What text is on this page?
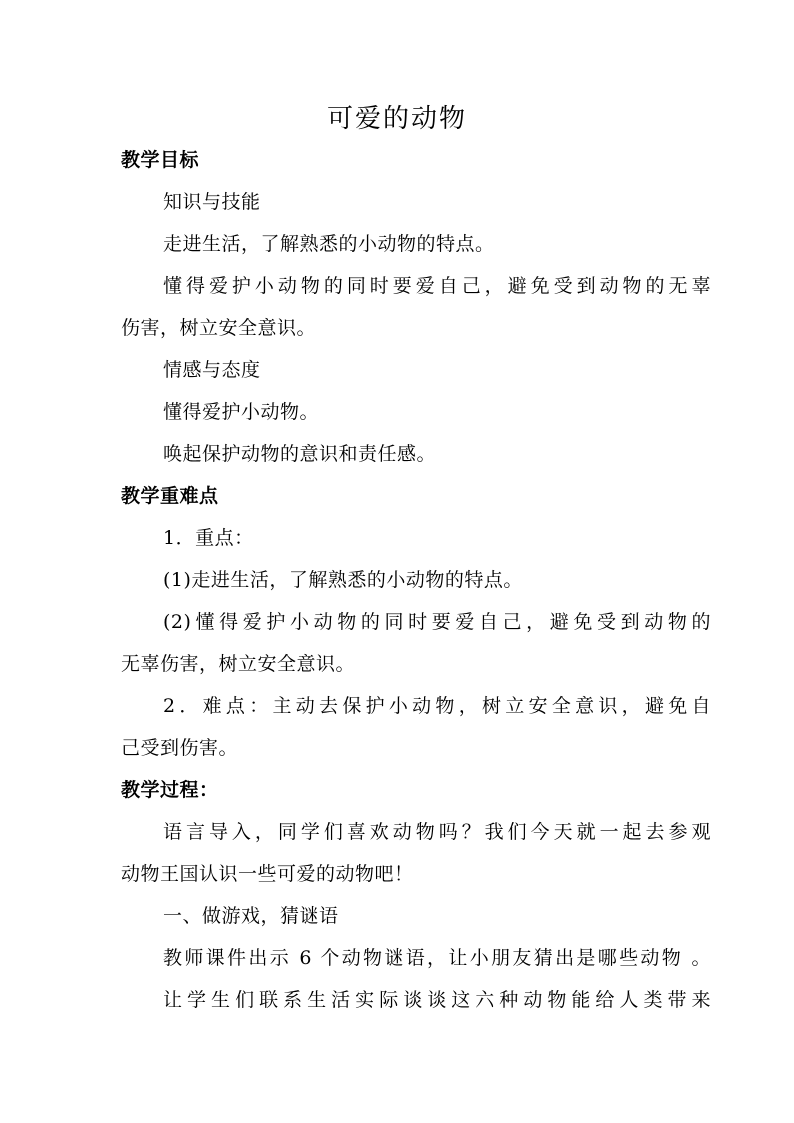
可爱的动物
教学目标
知识与技能
走进生活，了解熟悉的小动物的特点。
懂得爱护小动物的同时要爱自己，避免受到动物的无辜
伤害，树立安全意识。
情感与态度
懂得爱护小动物。
唤起保护动物的意识和责任感。
教学重难点
1．重点：
(1)走进生活，了解熟悉的小动物的特点。
(2)懂得爱护小动物的同时要爱自己，避免受到动物的
无辜伤害，树立安全意识。
2．难点：主动去保护小动物，树立安全意识，避免自
己受到伤害。
教学过程：
语言导入，同学们喜欢动物吗？我们今天就一起去参观
动物王国认识一些可爱的动物吧！
一、做游戏，猜谜语
教师课件出示 6 个动物谜语，让小朋友猜出是哪些动物 。
让学生们联系生活实际谈谈这六种动物能给人类带来
